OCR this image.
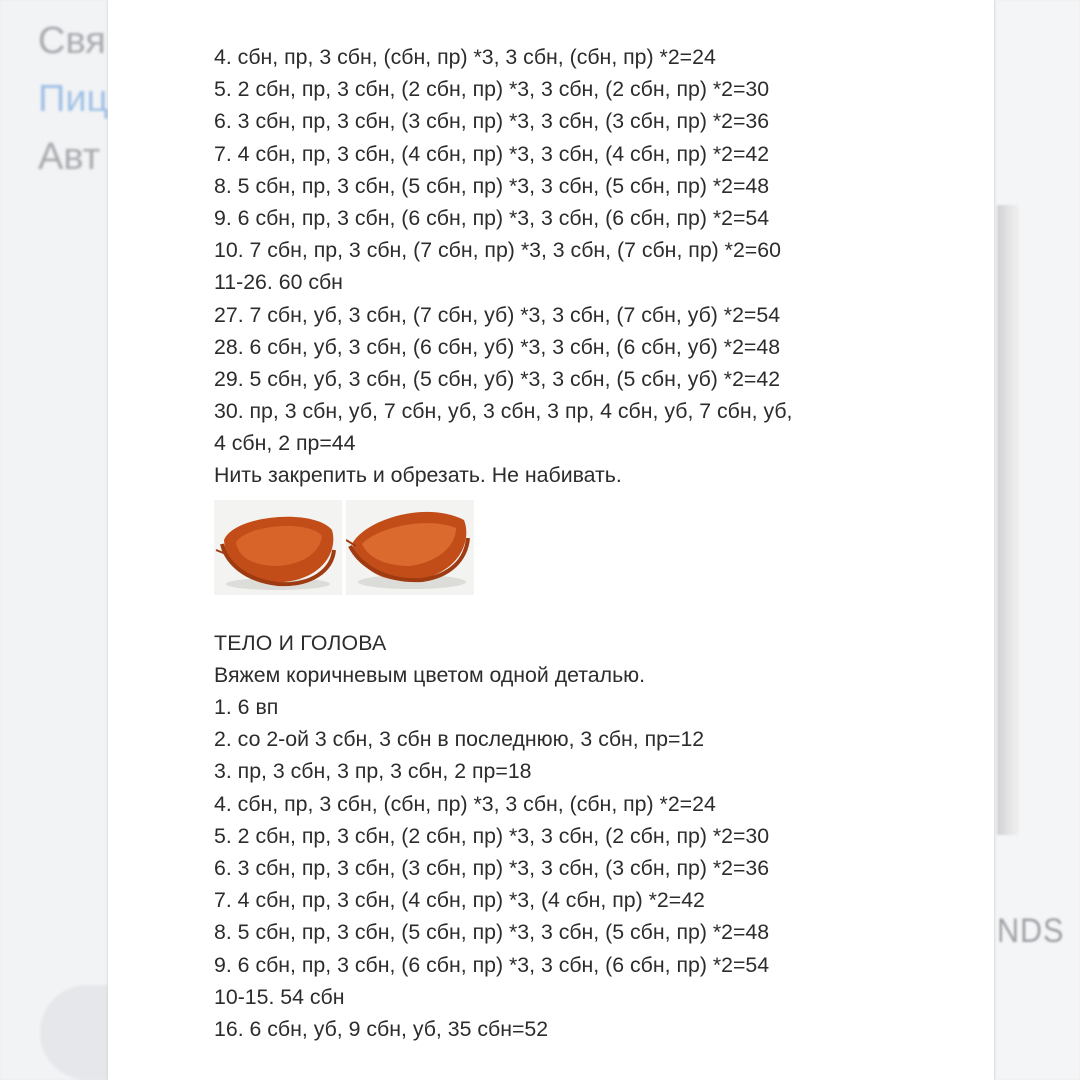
Свя
Пиц
Авт
NDS
4. сбн, пр, 3 сбн, (сбн, пр) *3, 3 сбн, (сбн, пр) *2=24
5. 2 сбн, пр, 3 сбн, (2 сбн, пр) *3, 3 сбн, (2 сбн, пр) *2=30
6. 3 сбн, пр, 3 сбн, (3 сбн, пр) *3, 3 сбн, (3 сбн, пр) *2=36
7. 4 сбн, пр, 3 сбн, (4 сбн, пр) *3, 3 сбн, (4 сбн, пр) *2=42
8. 5 сбн, пр, 3 сбн, (5 сбн, пр) *3, 3 сбн, (5 сбн, пр) *2=48
9. 6 сбн, пр, 3 сбн, (6 сбн, пр) *3, 3 сбн, (6 сбн, пр) *2=54
10. 7 сбн, пр, 3 сбн, (7 сбн, пр) *3, 3 сбн, (7 сбн, пр) *2=60
11-26. 60 сбн
27. 7 сбн, уб, 3 сбн, (7 сбн, уб) *3, 3 сбн, (7 сбн, уб) *2=54
28. 6 сбн, уб, 3 сбн, (6 сбн, уб) *3, 3 сбн, (6 сбн, уб) *2=48
29. 5 сбн, уб, 3 сбн, (5 сбн, уб) *3, 3 сбн, (5 сбн, уб) *2=42
30. пр, 3 сбн, уб, 7 сбн, уб, 3 сбн, 3 пр, 4 сбн, уб, 7 сбн, уб,
4 сбн, 2 пр=44
Нить закрепить и обрезать. Не набивать.
ТЕЛО И ГОЛОВА
Вяжем коричневым цветом одной деталью.
1. 6 вп
2. со 2-ой 3 сбн, 3 сбн в последнюю, 3 сбн, пр=12
3. пр, 3 сбн, 3 пр, 3 сбн, 2 пр=18
4. сбн, пр, 3 сбн, (сбн, пр) *3, 3 сбн, (сбн, пр) *2=24
5. 2 сбн, пр, 3 сбн, (2 сбн, пр) *3, 3 сбн, (2 сбн, пр) *2=30
6. 3 сбн, пр, 3 сбн, (3 сбн, пр) *3, 3 сбн, (3 сбн, пр) *2=36
7. 4 сбн, пр, 3 сбн, (4 сбн, пр) *3, (4 сбн, пр) *2=42
8. 5 сбн, пр, 3 сбн, (5 сбн, пр) *3, 3 сбн, (5 сбн, пр) *2=48
9. 6 сбн, пр, 3 сбн, (6 сбн, пр) *3, 3 сбн, (6 сбн, пр) *2=54
10-15. 54 сбн
16. 6 сбн, уб, 9 сбн, уб, 35 сбн=52
